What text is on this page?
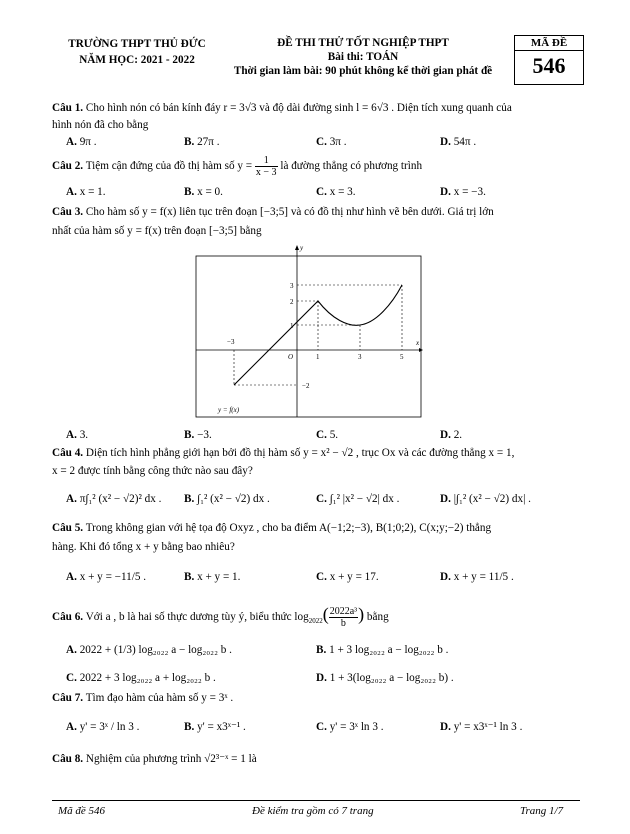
TRƯỜNG THPT THỦ ĐỨC
NĂM HỌC: 2021 - 2022
ĐỀ THI THỬ TỐT NGHIỆP THPT
Bài thi: TOÁN
Thời gian làm bài: 90 phút không kể thời gian phát đề
MÃ ĐỀ
546
Câu 1. Cho hình nón có bán kính đáy r = 3√3 và độ dài đường sinh l = 6√3 . Diện tích xung quanh của
hình nón đã cho bằng
A. 9π .	B. 27π .	C. 3π .	D. 54π .
Câu 2. Tiệm cận đứng của đồ thị hàm số $y = \frac{1}{x - 3}$ là đường thẳng có phương trình
A. x = 1.	B. x = 0.	C. x = 3.	D. x = −3.
Câu 3. Cho hàm số y = f(x) liên tục trên đoạn [−3;5] và có đồ thị như hình vẽ bên dưới. Giá trị lớn
nhất của hàm số y = f(x) trên đoạn [−3;5] bằng
y
x
O
3
2
1
−2
−3
1	3	5
y = f(x)
A. 3.	B. −3.	C. 5.	D. 2.
Câu 4. Diện tích hình phẳng giới hạn bởi đồ thị hàm số y = x² − √2 , trục Ox và các đường thẳng x = 1,
x = 2 được tính bằng công thức nào sau đây?
A. π∫₁² (x² − √2)² dx . B. ∫₁² (x² − √2) dx .	C. ∫₁² |x² − √2| dx .	D. |∫₁² (x² − √2) dx| .
Câu 5. Trong không gian với hệ tọa độ Oxyz , cho ba điểm A(−1;2;−3), B(1;0;2), C(x;y;−2) thẳng
hàng. Khi đó tổng x + y bằng bao nhiêu?
A. x + y = −11/5 .	B. x + y = 1.	C. x + y = 17.	D. x + y = 11/5 .
Câu 6. Với a , b là hai số thực dương tùy ý, biểu thức $\log_{2022}( \frac{\text{2022a³}}{b}$ ) bằng
A. 2022 + (1/3) log₂₀₂₂ a − log₂₀₂₂ b .	B. 1 + 3 log₂₀₂₂ a − log₂₀₂₂ b .
C. 2022 + 3 log₂₀₂₂ a + log₂₀₂₂ b .	D. 1 + 3(log₂₀₂₂ a − log₂₀₂₂ b) .
Câu 7. Tìm đạo hàm của hàm số y = 3ˣ .
A. y' = 3ˣ / ln 3 .	B. y' = x3ˣ⁻¹ .	C. y' = 3ˣ ln 3 .	D. y' = x3ˣ⁻¹ ln 3 .
Câu 8. Nghiệm của phương trình √2³⁻ˣ = 1 là
Mã đề 546	Đề kiểm tra gồm có 7 trang	Trang 1/7
